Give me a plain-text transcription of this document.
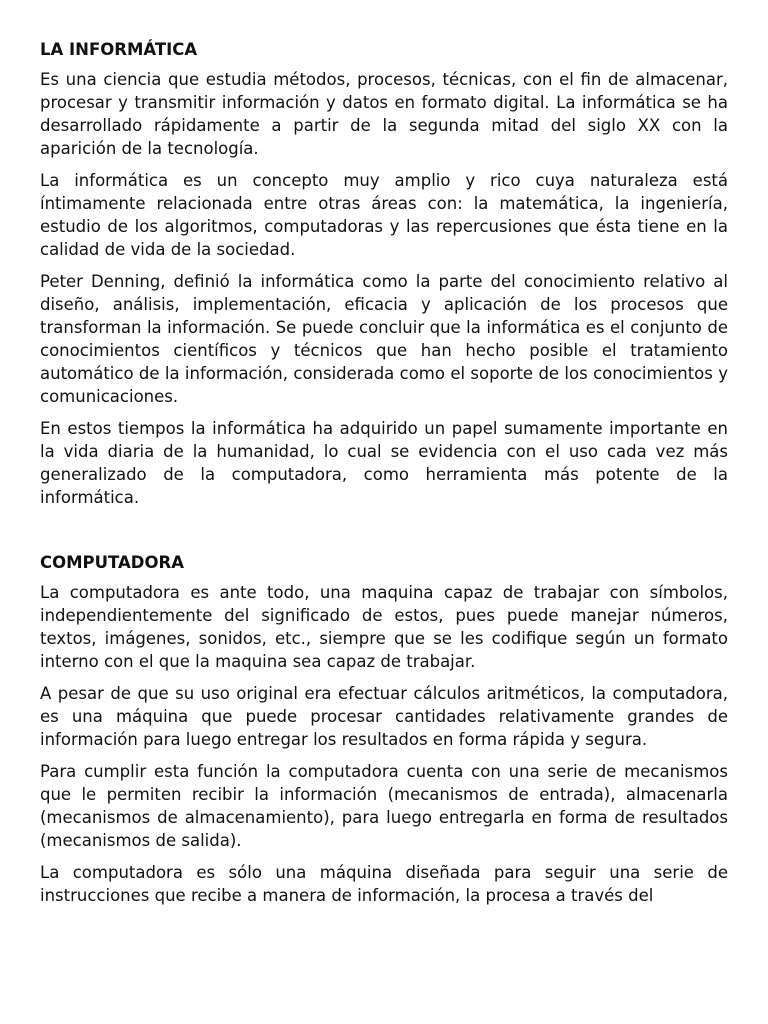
LA INFORMÁTICA

Es una ciencia que estudia métodos, procesos, técnicas, con el fin de almacenar, procesar y transmitir información y datos en formato digital. La informática se ha desarrollado rápidamente a partir de la segunda mitad del siglo XX con la aparición de la tecnología.

La informática es un concepto muy amplio y rico cuya naturaleza está íntimamente relacionada entre otras áreas con: la matemática, la ingeniería, estudio de los algoritmos, computadoras y las repercusiones que ésta tiene en la calidad de vida de la sociedad.

Peter Denning, definió la informática como la parte del conocimiento relativo al diseño, análisis, implementación, eficacia y aplicación de los procesos que transforman la información. Se puede concluir que la informática es el conjunto de conocimientos científicos y técnicos que han hecho posible el tratamiento automático de la información, considerada como el soporte de los conocimientos y comunicaciones.

En estos tiempos la informática ha adquirido un papel sumamente importante en la vida diaria de la humanidad, lo cual se evidencia con el uso cada vez más generalizado de la computadora, como herramienta más potente de la informática.

COMPUTADORA

La computadora es ante todo, una maquina capaz de trabajar con símbolos, independientemente del significado de estos, pues puede manejar números, textos, imágenes, sonidos, etc., siempre que se les codifique según un formato interno con el que la maquina sea capaz de trabajar.

A pesar de que su uso original era efectuar cálculos aritméticos, la computadora, es una máquina que puede procesar cantidades relativamente grandes de información para luego entregar los resultados en forma rápida y segura.

Para cumplir esta función la computadora cuenta con una serie de mecanismos que le permiten recibir la información (mecanismos de entrada), almacenarla (mecanismos de almacenamiento), para luego entregarla en forma de resultados (mecanismos de salida).

La computadora es sólo una máquina diseñada para seguir una serie de instrucciones que recibe a manera de información, la procesa a través del
